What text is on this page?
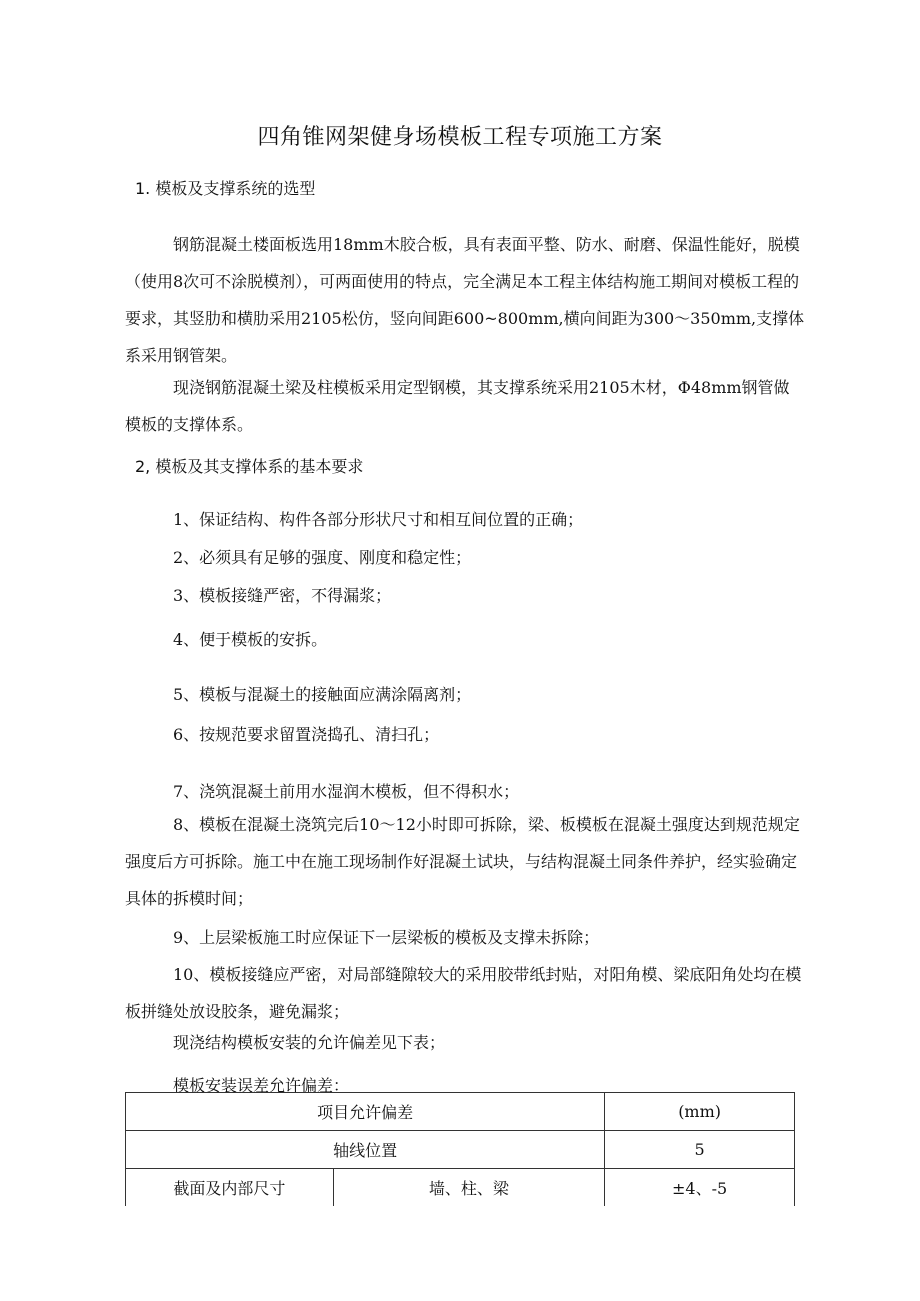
四角锥网架健身场模板工程专项施工方案
1. 模板及支撑系统的选型
钢筋混凝土楼面板选用18mm木胶合板，具有表面平整、防水、耐磨、保温性能好，脱模（使用8次可不涂脱模剂），可两面使用的特点，完全满足本工程主体结构施工期间对模板工程的要求，其竖肋和横肋采用2105松仿，竖向间距600~800mm,横向间距为300～350mm,支撑体系采用钢管架。
现浇钢筋混凝土梁及柱模板采用定型钢模，其支撑系统采用2105木材，Φ48mm钢管做模板的支撑体系。
2, 模板及其支撑体系的基本要求
1、保证结构、构件各部分形状尺寸和相互间位置的正确；
2、必须具有足够的强度、刚度和稳定性；
3、模板接缝严密，不得漏浆；
4、便于模板的安拆。
5、模板与混凝土的接触面应满涂隔离剂；
6、按规范要求留置浇捣孔、清扫孔；
7、浇筑混凝土前用水湿润木模板，但不得积水；
8、模板在混凝土浇筑完后10～12小时即可拆除，梁、板模板在混凝土强度达到规范规定强度后方可拆除。施工中在施工现场制作好混凝土试块，与结构混凝土同条件养护，经实验确定具体的拆模时间；
9、上层梁板施工时应保证下一层梁板的模板及支撑未拆除；
10、模板接缝应严密，对局部缝隙较大的采用胶带纸封贴，对阳角模、梁底阳角处均在模板拼缝处放设胶条，避免漏浆；
现浇结构模板安装的允许偏差见下表；
模板安装误差允许偏差：
项目允许偏差		(mm)
轴线位置		5
截面及内部尺寸	墙、柱、梁	±4、-5
